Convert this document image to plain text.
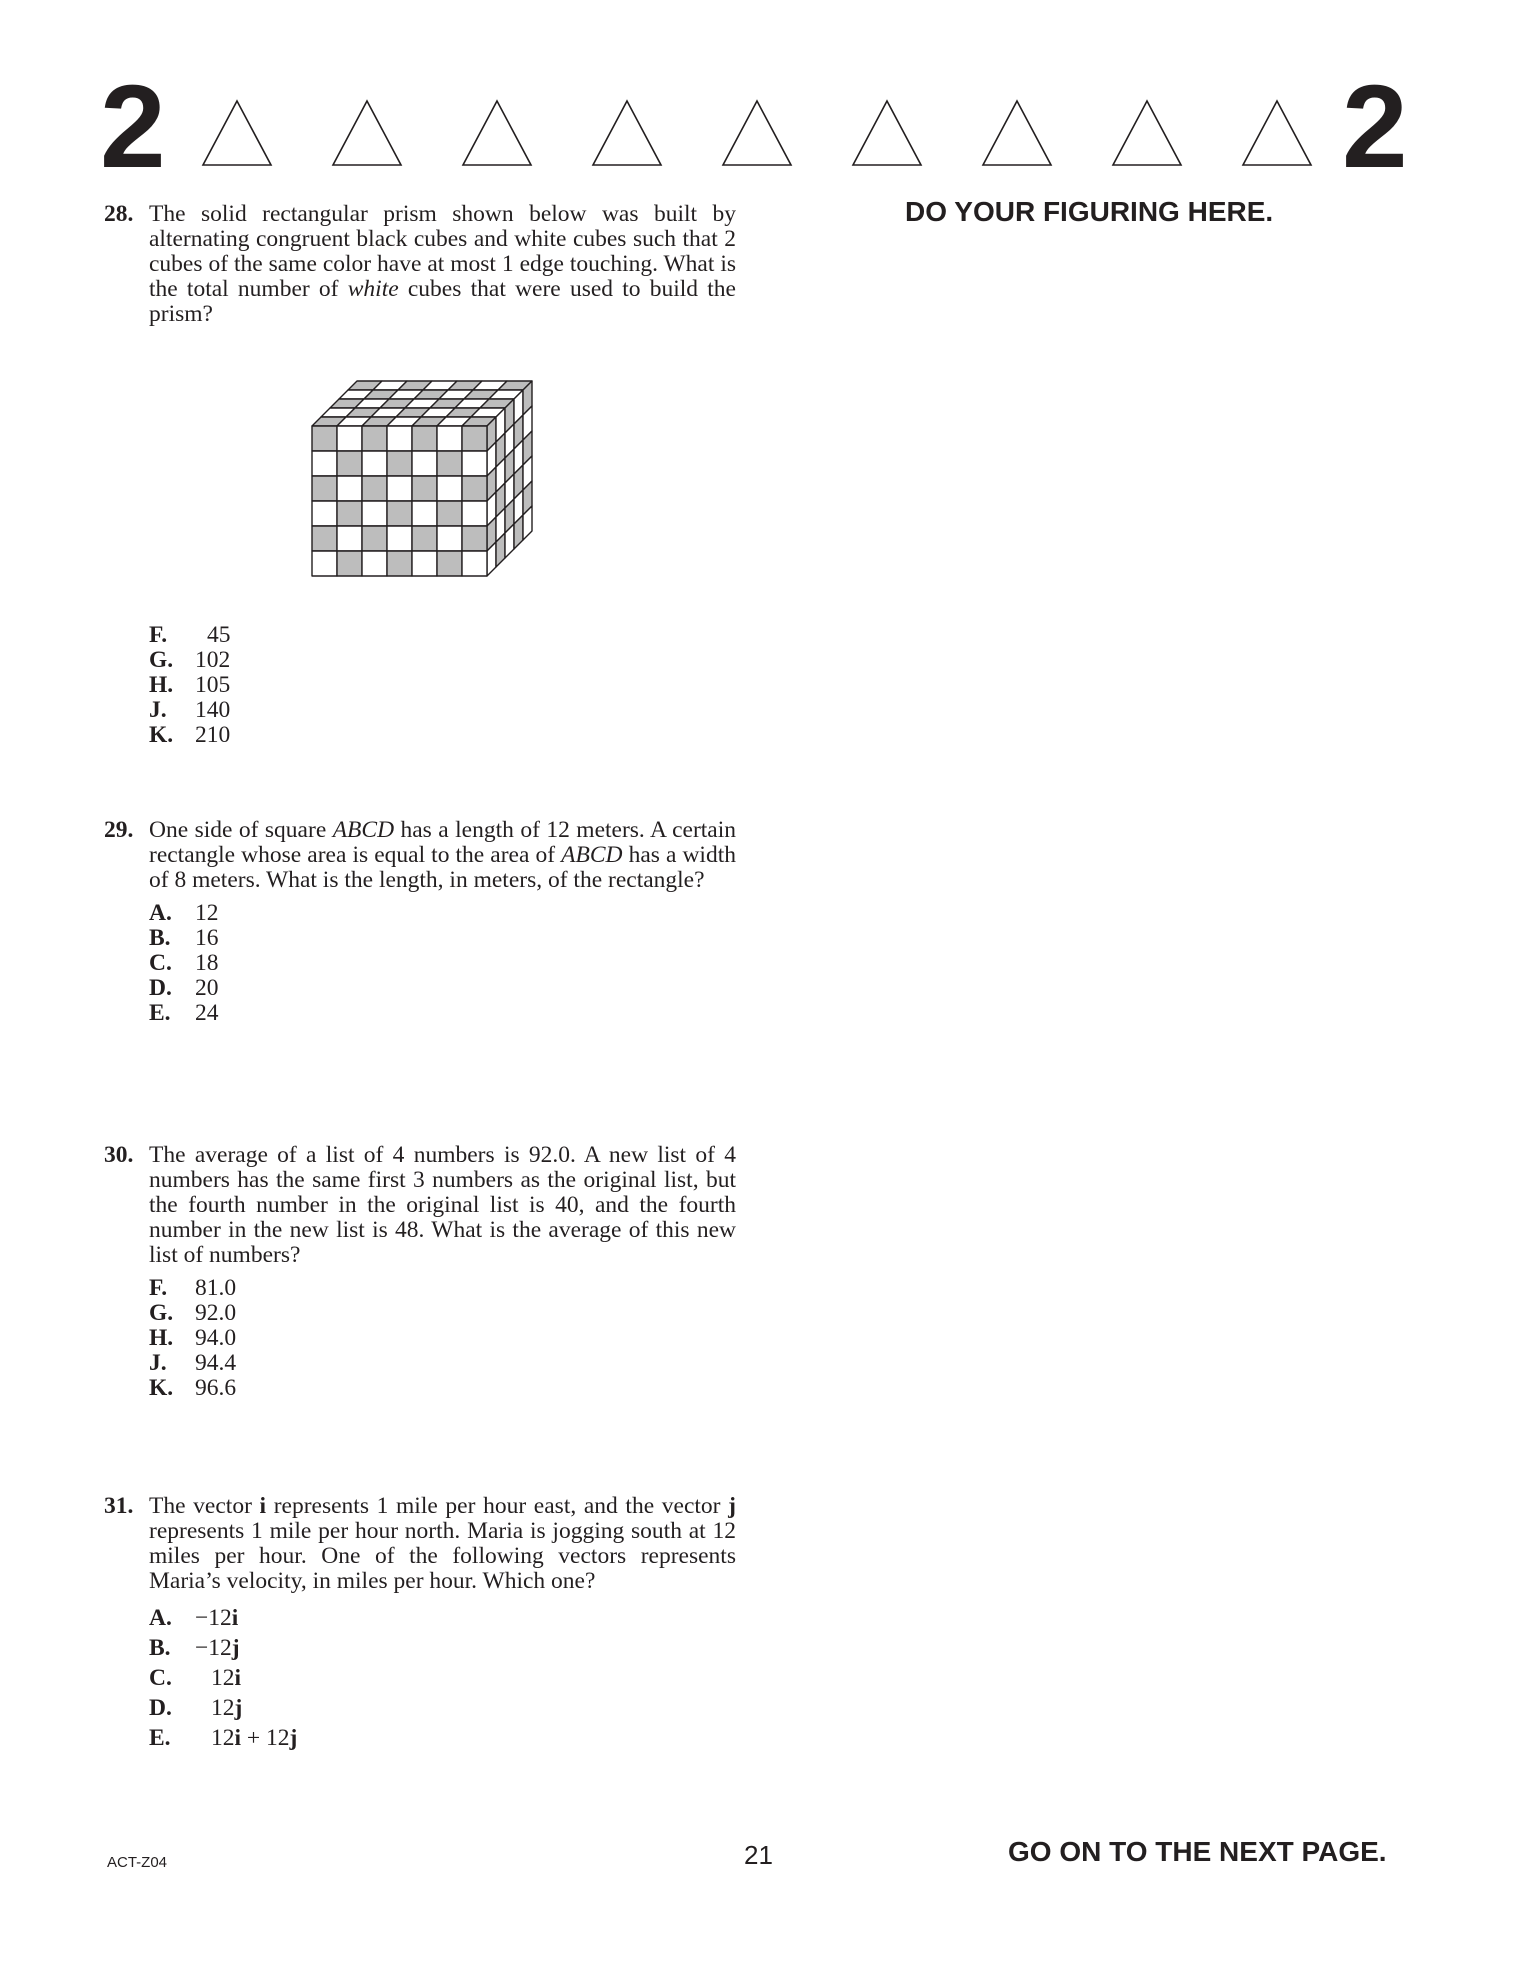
2	2
DO YOUR FIGURING HERE.
28. The solid rectangular prism shown below was built by alternating congruent black cubes and white cubes such that 2 cubes of the same color have at most 1 edge touching. What is the total number of white cubes that were used to build the prism?
F.	45
G. 102
H. 105
J.	140
K. 210
29. One side of square ABCD has a length of 12 meters. A certain rectangle whose area is equal to the area of ABCD has a width of 8 meters. What is the length, in meters, of the rectangle?
A. 12
B.	16
C. 18
D. 20
E.	24
30. The average of a list of 4 numbers is 92.0. A new list of 4 numbers has the same first 3 numbers as the original list, but the fourth number in the original list is 40, and the fourth number in the new list is 48. What is the average of this new list of numbers?
F.	81.0
G. 92.0
H. 94.0
J.	94.4
K. 96.6
31. The vector i represents 1 mile per hour east, and the vector j represents 1 mile per hour north. Maria is jogging south at 12 miles per hour. One of the following vectors represents Maria’s velocity, in miles per hour. Which one?
A. −12i
B.	−12j
C.	12i
D.	12j
E.	12i + 12j
ACT-Z04	21	GO ON TO THE NEXT PAGE.
